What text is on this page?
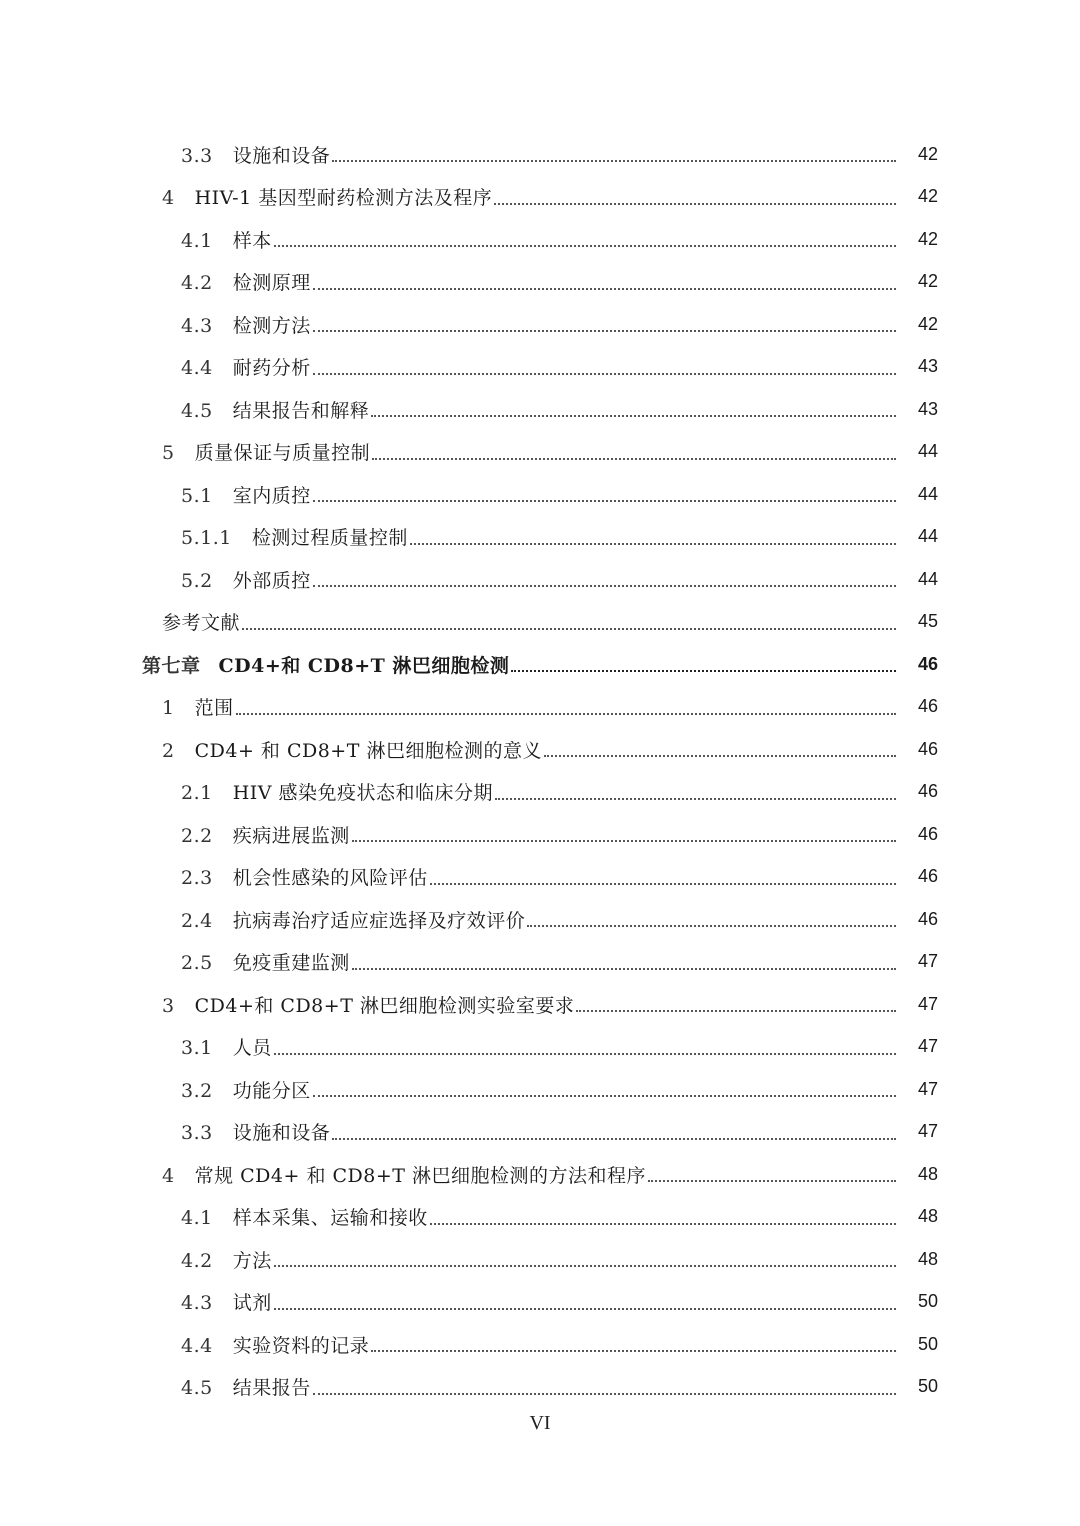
3.3 设施和设备	42
4 HIV-1 基因型耐药检测方法及程序	42
4.1 样本	42
4.2 检测原理	42
4.3 检测方法	42
4.4 耐药分析	43
4.5 结果报告和解释	43
5 质量保证与质量控制	44
5.1 室内质控	44
5.1.1 检测过程质量控制	44
5.2 外部质控	44
参考文献	45
第七章 CD4+和 CD8+T 淋巴细胞检测	46
1 范围	46
2 CD4+ 和 CD8+T 淋巴细胞检测的意义	46
2.1 HIV 感染免疫状态和临床分期	46
2.2 疾病进展监测	46
2.3 机会性感染的风险评估	46
2.4 抗病毒治疗适应症选择及疗效评价	46
2.5 免疫重建监测	47
3 CD4+和 CD8+T 淋巴细胞检测实验室要求	47
3.1 人员	47
3.2 功能分区	47
3.3 设施和设备	47
4 常规 CD4+ 和 CD8+T 淋巴细胞检测的方法和程序	48
4.1 样本采集、运输和接收	48
4.2 方法	48
4.3 试剂	50
4.4 实验资料的记录	50
4.5 结果报告	50
VI
